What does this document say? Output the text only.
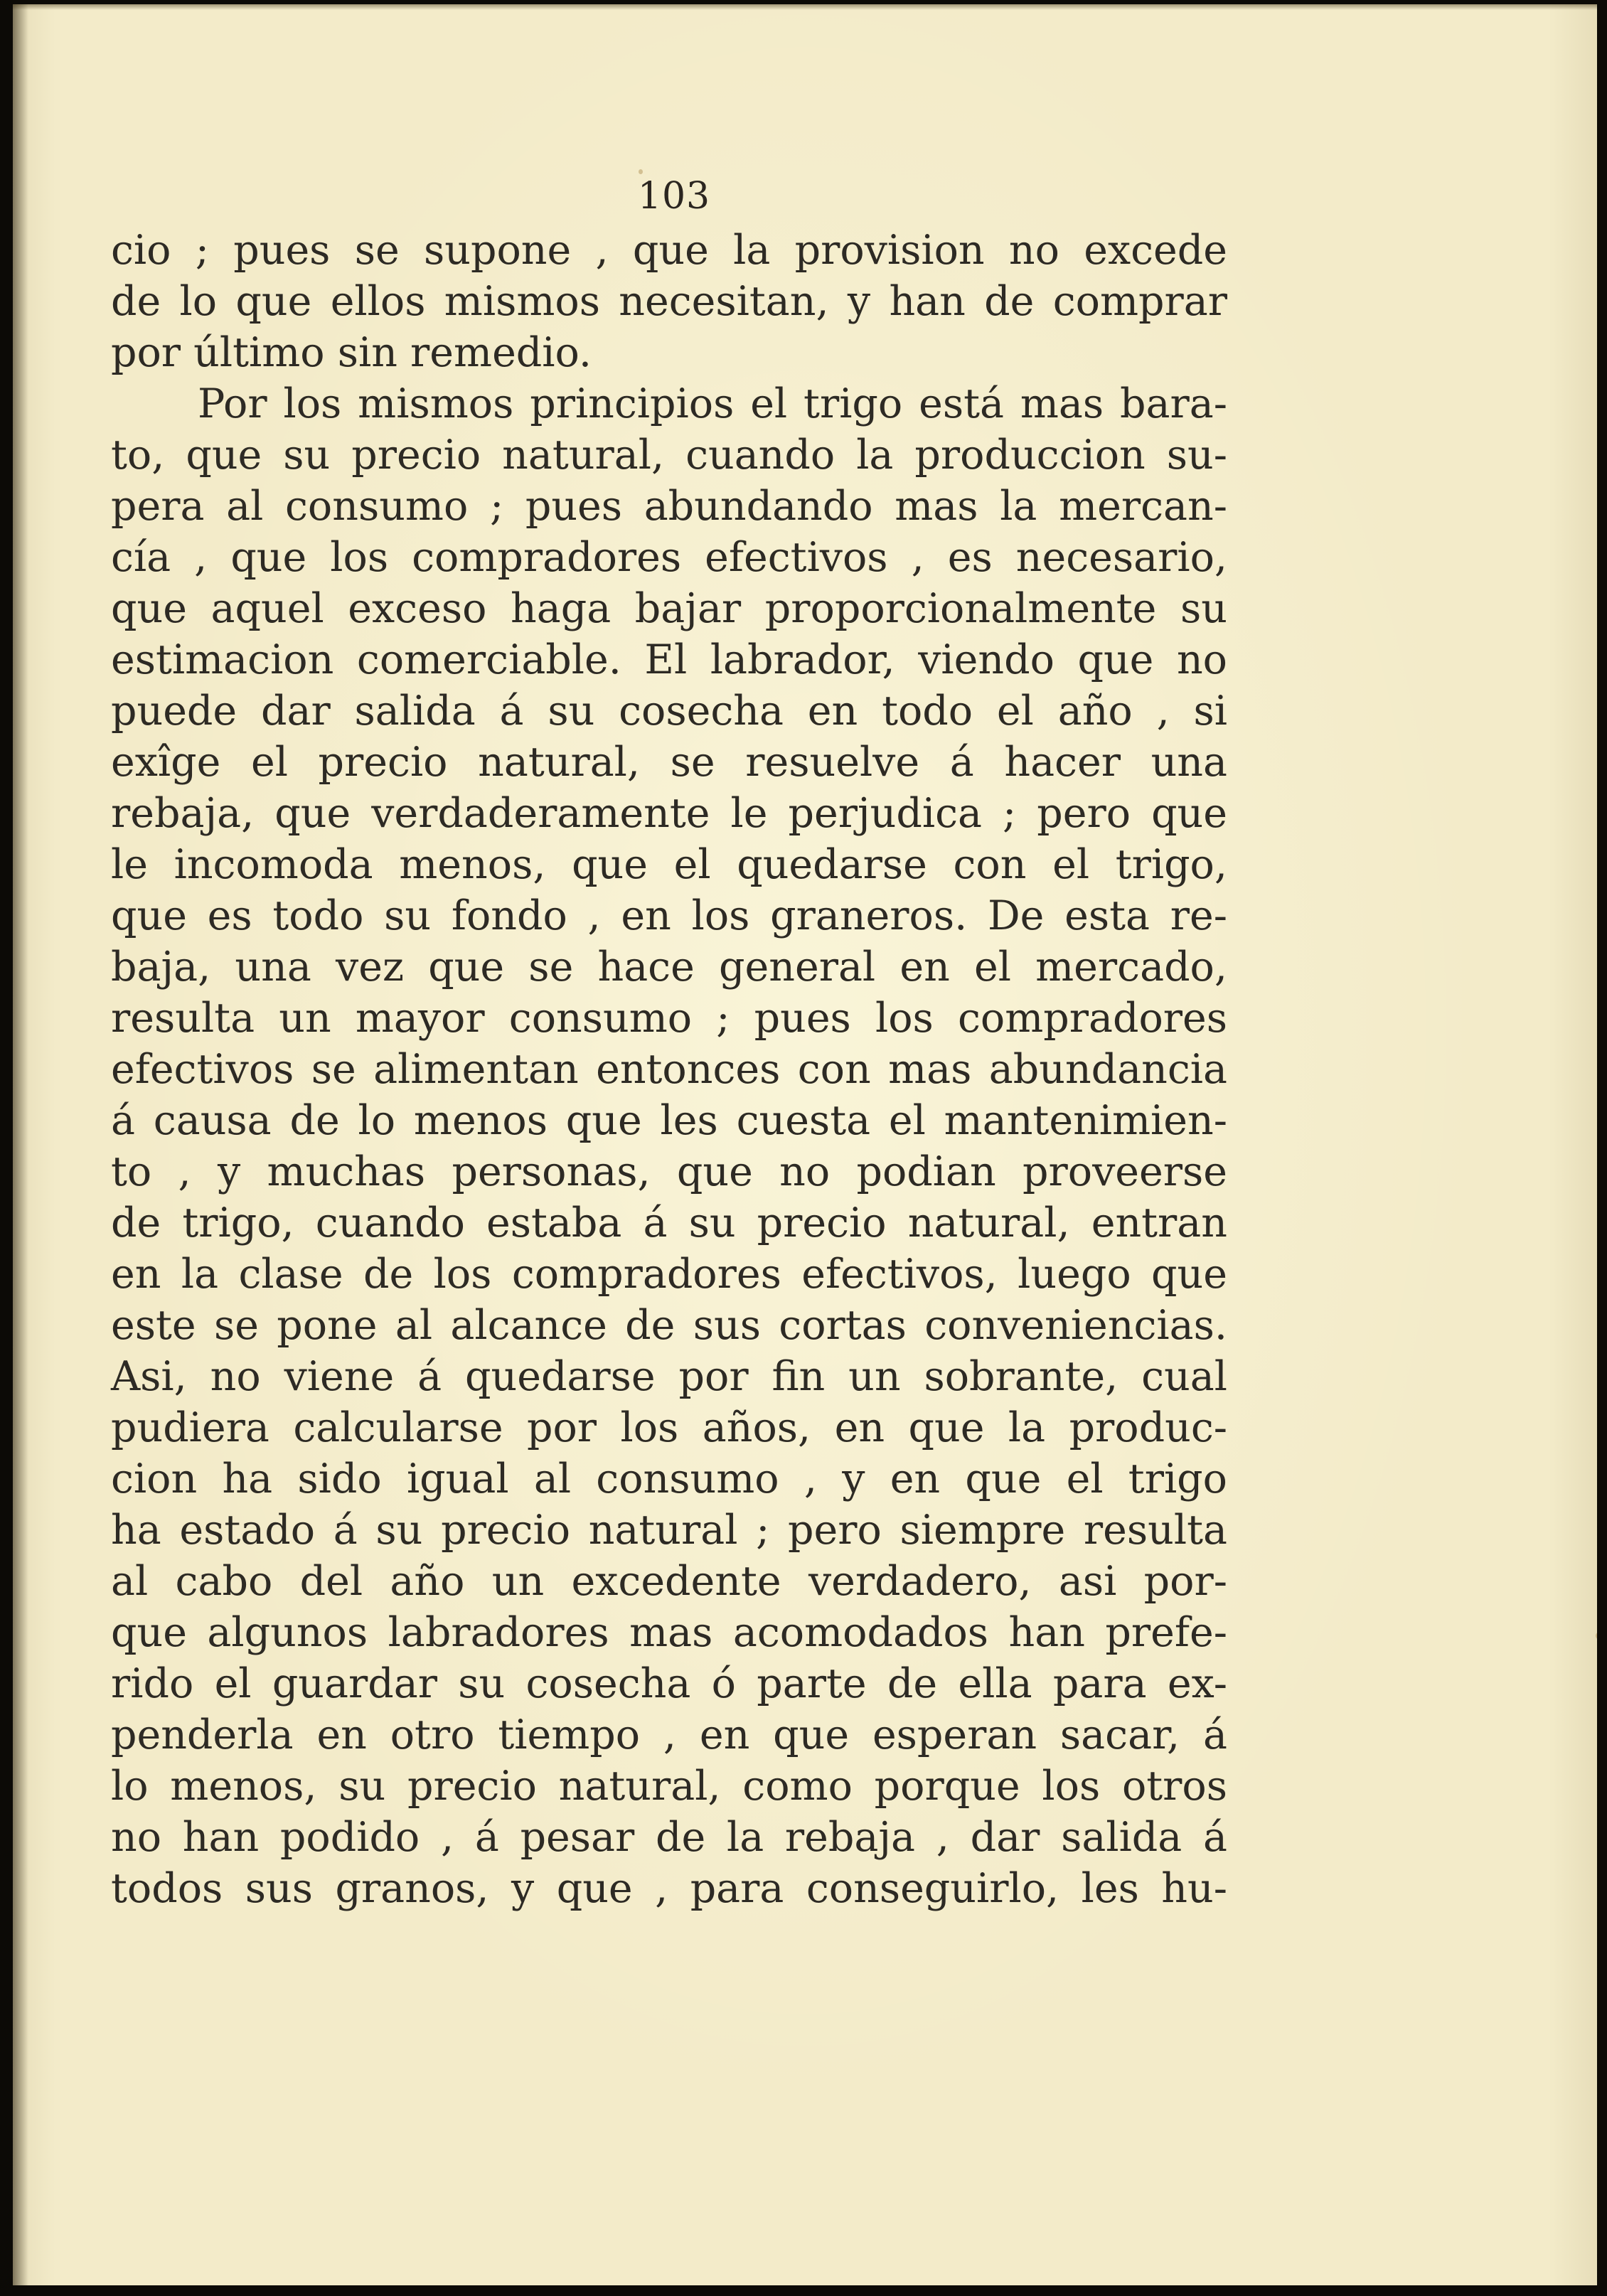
103
cio ; pues se supone , que la provision no excede
de lo que ellos mismos necesitan, y han de comprar
por último sin remedio.
Por los mismos principios el trigo está mas bara-
to, que su precio natural, cuando la produccion su-
pera al consumo ; pues abundando mas la mercan-
cía , que los compradores efectivos , es necesario,
que aquel exceso haga bajar proporcionalmente su
estimacion comerciable. El labrador, viendo que no
puede dar salida á su cosecha en todo el año , si
exîge el precio natural, se resuelve á hacer una
rebaja, que verdaderamente le perjudica ; pero que
le incomoda menos, que el quedarse con el trigo,
que es todo su fondo , en los graneros. De esta re-
baja, una vez que se hace general en el mercado,
resulta un mayor consumo ; pues los compradores
efectivos se alimentan entonces con mas abundancia
á causa de lo menos que les cuesta el mantenimien-
to , y muchas personas, que no podian proveerse
de trigo, cuando estaba á su precio natural, entran
en la clase de los compradores efectivos, luego que
este se pone al alcance de sus cortas conveniencias.
Asi, no viene á quedarse por fin un sobrante, cual
pudiera calcularse por los años, en que la produc-
cion ha sido igual al consumo , y en que el trigo
ha estado á su precio natural ; pero siempre resulta
al cabo del año un excedente verdadero, asi por-
que algunos labradores mas acomodados han prefe-
rido el guardar su cosecha ó parte de ella para ex-
penderla en otro tiempo , en que esperan sacar, á
lo menos, su precio natural, como porque los otros
no han podido , á pesar de la rebaja , dar salida á
todos sus granos, y que , para conseguirlo, les hu-
